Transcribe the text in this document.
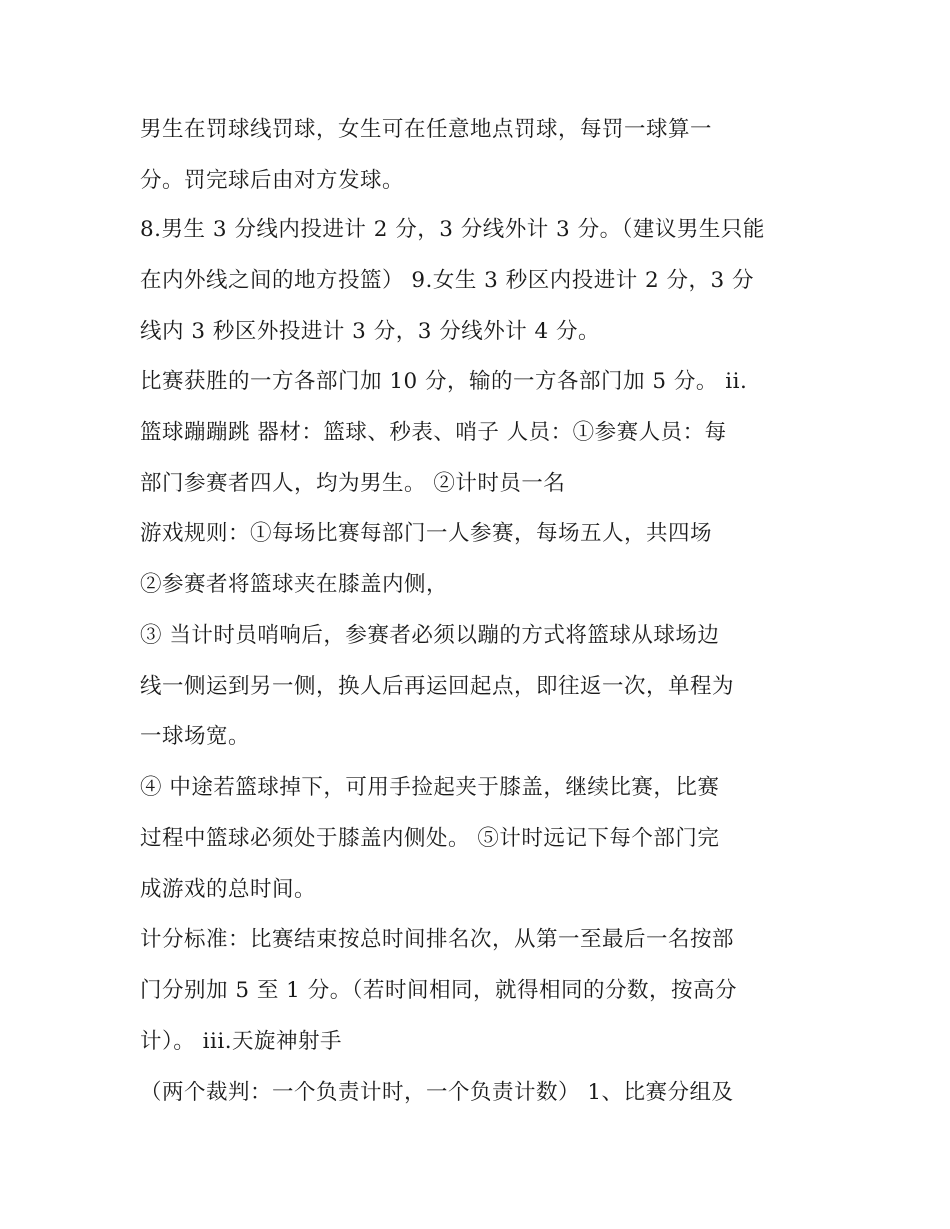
男生在罚球线罚球，女生可在任意地点罚球，每罚一球算一
分。罚完球后由对方发球。
8.男生 3 分线内投进计 2 分，3 分线外计 3 分。（建议男生只能
在内外线之间的地方投篮） 9.女生 3 秒区内投进计 2 分，3 分
线内 3 秒区外投进计 3 分，3 分线外计 4 分。
比赛获胜的一方各部门加 10 分，输的一方各部门加 5 分。 ii.
篮球蹦蹦跳 器材：篮球、秒表、哨子 人员：①参赛人员：每
部门参赛者四人，均为男生。 ②计时员一名
游戏规则：①每场比赛每部门一人参赛，每场五人，共四场
②参赛者将篮球夹在膝盖内侧，
③ 当计时员哨响后，参赛者必须以蹦的方式将篮球从球场边
线一侧运到另一侧，换人后再运回起点，即往返一次，单程为
一球场宽。
④ 中途若篮球掉下，可用手捡起夹于膝盖，继续比赛，比赛
过程中篮球必须处于膝盖内侧处。 ⑤计时远记下每个部门完
成游戏的总时间。
计分标准：比赛结束按总时间排名次，从第一至最后一名按部
门分别加 5 至 1 分。（若时间相同，就得相同的分数，按高分
计）。 iii.天旋神射手
（两个裁判：一个负责计时，一个负责计数） 1、比赛分组及
